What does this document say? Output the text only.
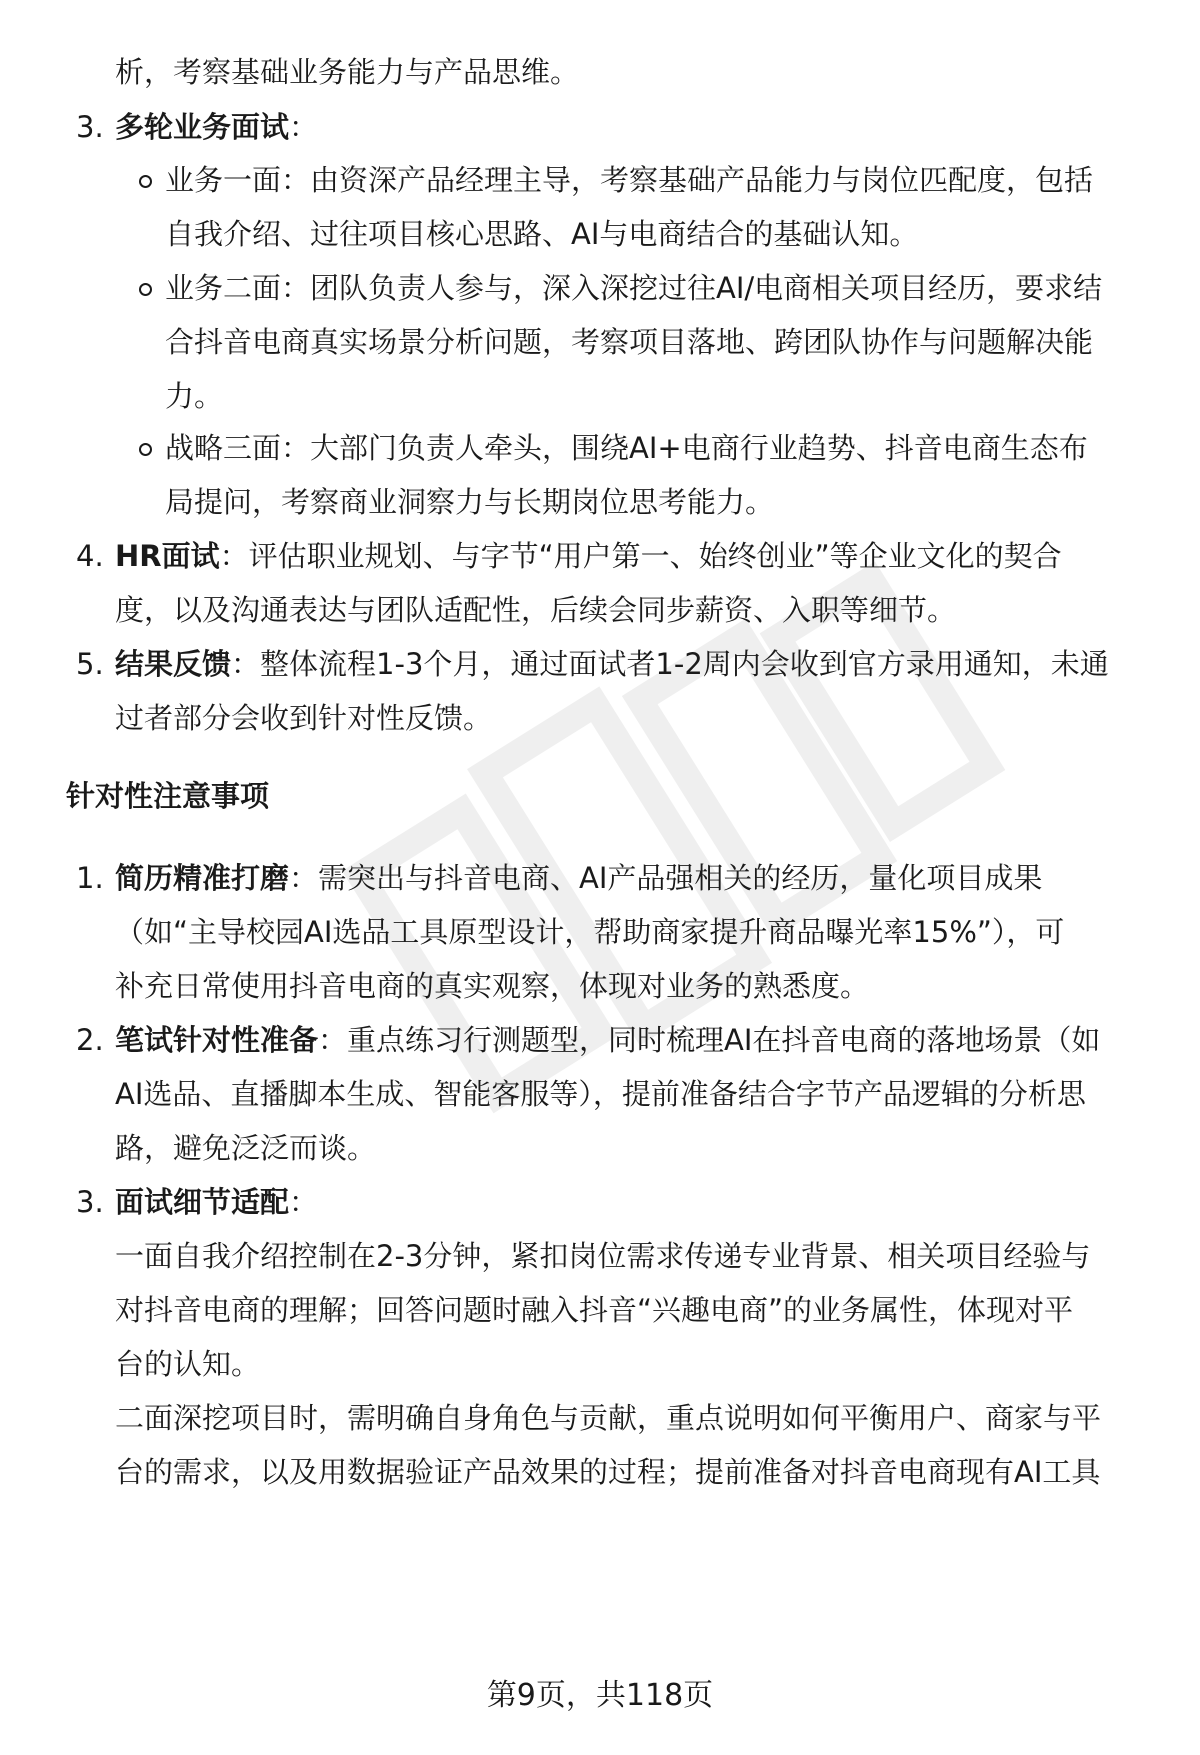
析，考察基础业务能力与产品思维。
3. 多轮业务面试：
业务一面：由资深产品经理主导，考察基础产品能力与岗位匹配度，包括
自我介绍、过往项目核心思路、AI与电商结合的基础认知。
业务二面：团队负责人参与，深入深挖过往AI/电商相关项目经历，要求结
合抖音电商真实场景分析问题，考察项目落地、跨团队协作与问题解决能
力。
战略三面：大部门负责人牵头，围绕AI+电商行业趋势、抖音电商生态布
局提问，考察商业洞察力与长期岗位思考能力。
4. HR面试：评估职业规划、与字节“用户第一、始终创业”等企业文化的契合
度，以及沟通表达与团队适配性，后续会同步薪资、入职等细节。
5. 结果反馈：整体流程1-3个月，通过面试者1-2周内会收到官方录用通知，未通
过者部分会收到针对性反馈。
针对性注意事项
1. 简历精准打磨：需突出与抖音电商、AI产品强相关的经历，量化项目成果
（如“主导校园AI选品工具原型设计，帮助商家提升商品曝光率15%”），可
补充日常使用抖音电商的真实观察，体现对业务的熟悉度。
2. 笔试针对性准备：重点练习行测题型，同时梳理AI在抖音电商的落地场景（如
AI选品、直播脚本生成、智能客服等），提前准备结合字节产品逻辑的分析思
路，避免泛泛而谈。
3. 面试细节适配：
一面自我介绍控制在2-3分钟，紧扣岗位需求传递专业背景、相关项目经验与
对抖音电商的理解；回答问题时融入抖音“兴趣电商”的业务属性，体现对平
台的认知。
二面深挖项目时，需明确自身角色与贡献，重点说明如何平衡用户、商家与平
台的需求，以及用数据验证产品效果的过程；提前准备对抖音电商现有AI工具
第9页，共118页
